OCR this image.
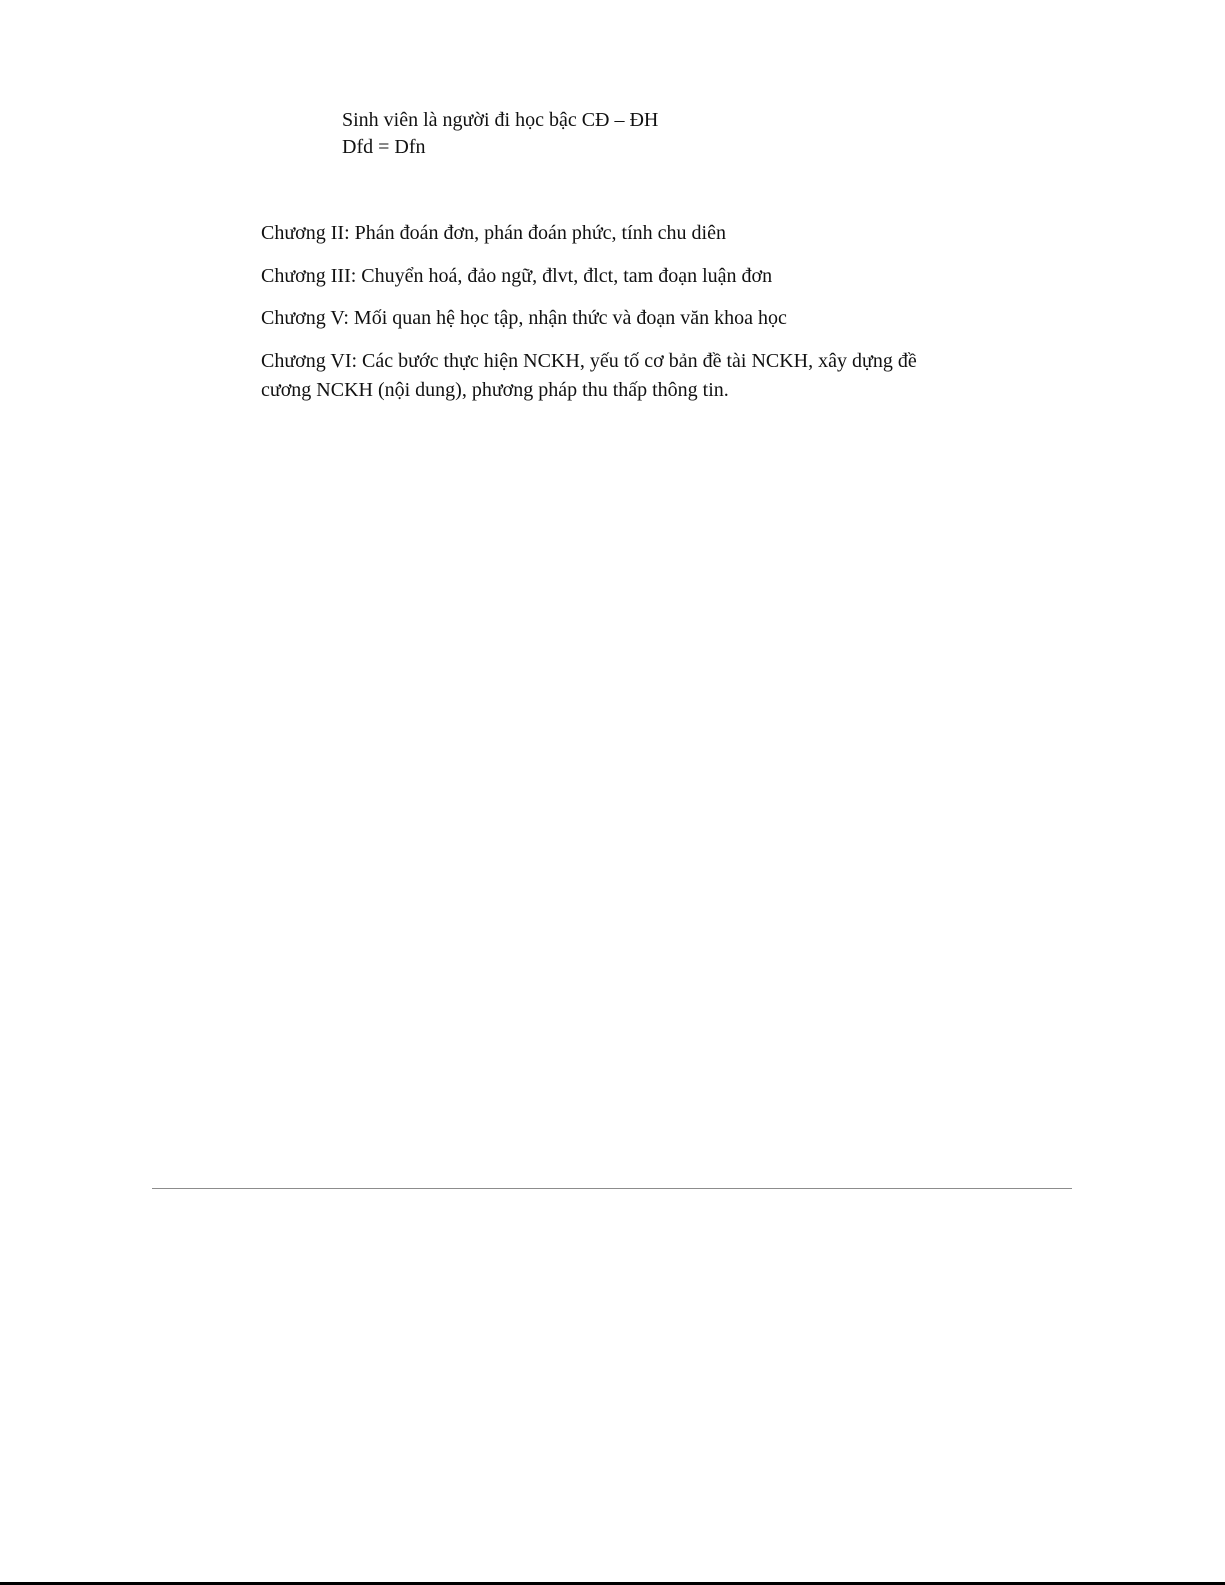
Sinh viên là người đi học bậc CĐ – ĐH
Dfd = Dfn
Chương II: Phán đoán đơn, phán đoán phức, tính chu diên
Chương III: Chuyển hoá, đảo ngữ, đlvt, đlct, tam đoạn luận đơn
Chương V: Mối quan hệ học tập, nhận thức và đoạn văn khoa học
Chương VI: Các bước thực hiện NCKH, yếu tố cơ bản đề tài NCKH, xây dựng đề cương NCKH (nội dung), phương pháp thu thấp thông tin.
